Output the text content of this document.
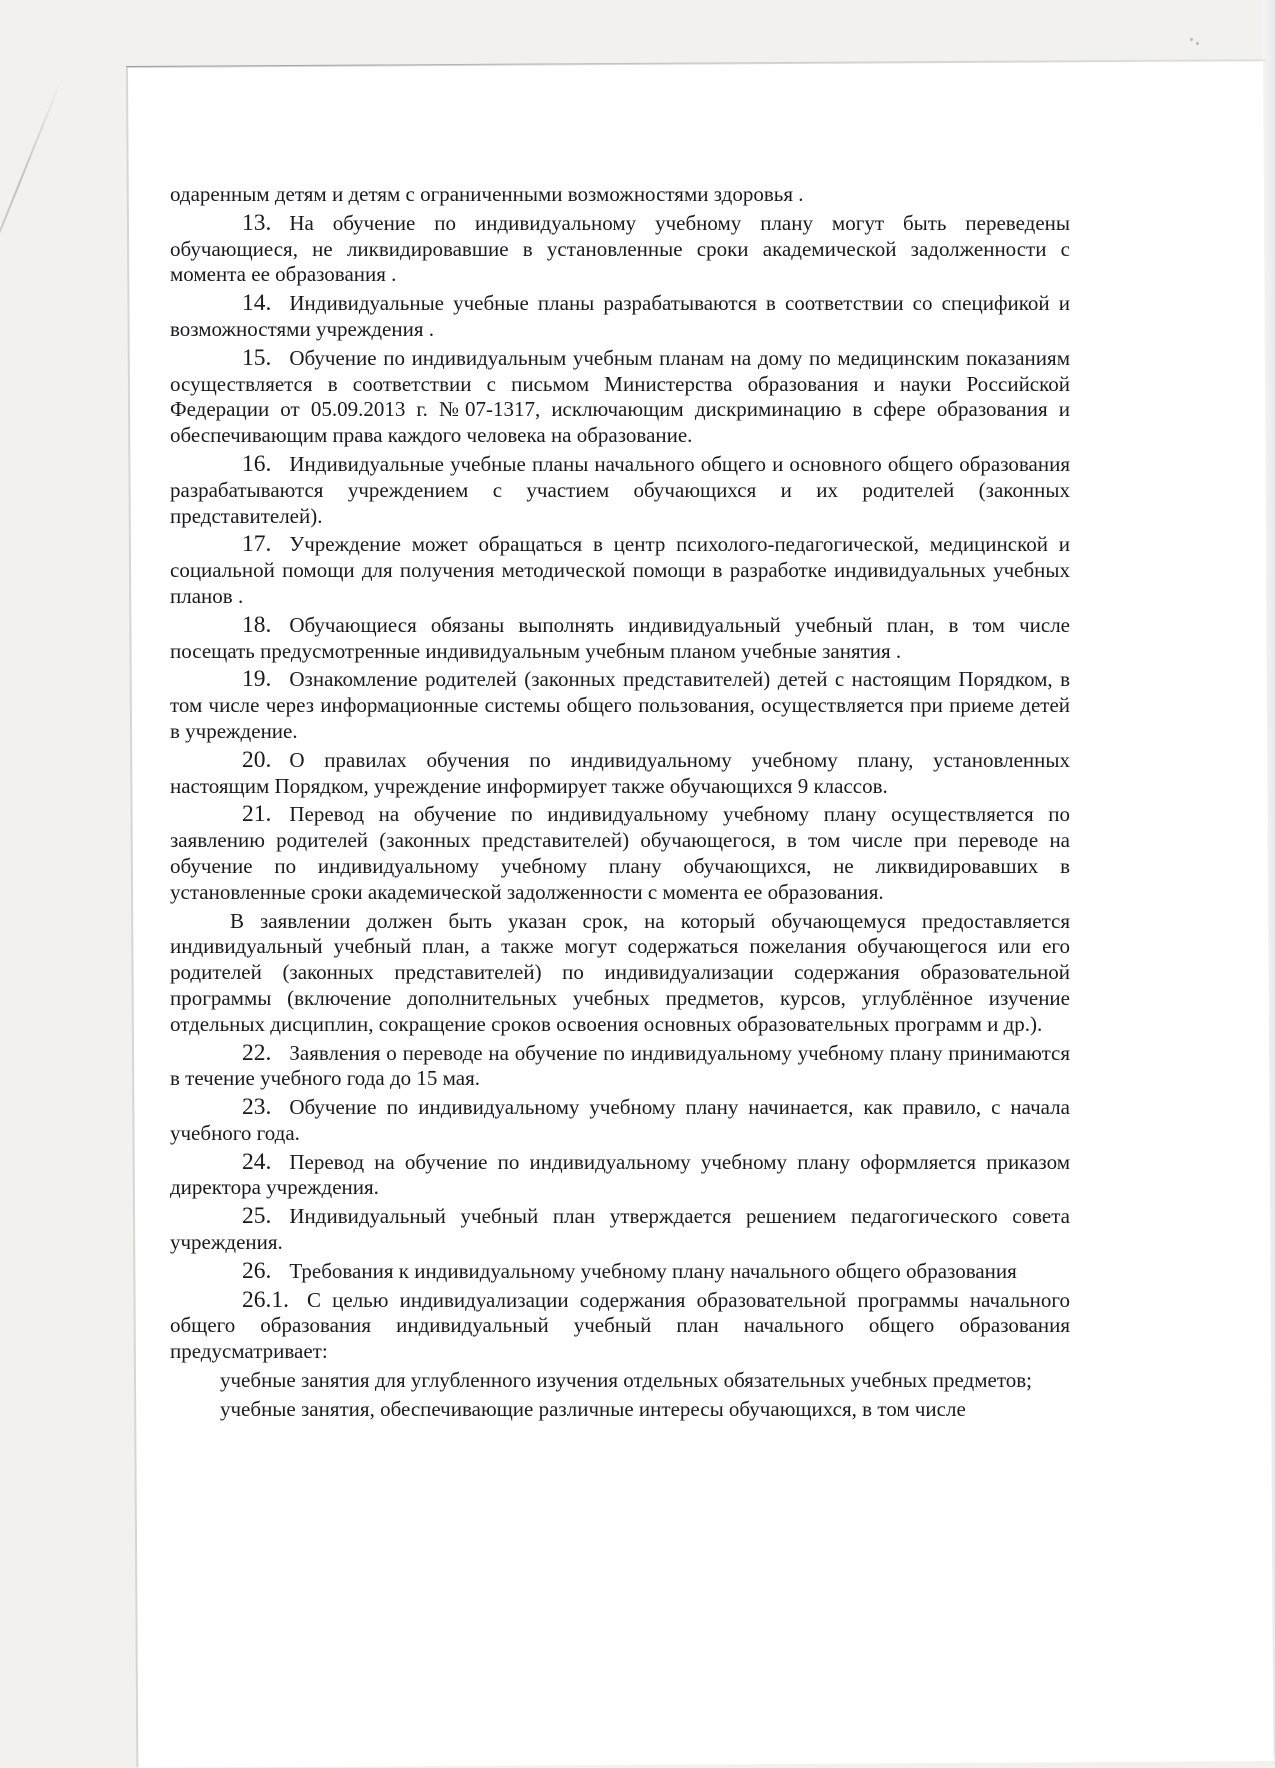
одаренным детям и детям с ограниченными возможностями здоровья .

13. На обучение по индивидуальному учебному плану могут быть переведены обучающиеся, не ликвидировавшие в установленные сроки академической задолженности с момента ее образования .

14. Индивидуальные учебные планы разрабатываются в соответствии со спецификой и возможностями учреждения .

15. Обучение по индивидуальным учебным планам на дому по медицинским показаниям осуществляется в соответствии с письмом Министерства образования и науки Российской Федерации от 05.09.2013 г. №07-1317, исключающим дискриминацию в сфере образования и обеспечивающим права каждого человека на образование.

16. Индивидуальные учебные планы начального общего и основного общего образования разрабатываются учреждением с участием обучающихся и их родителей (законных представителей).

17. Учреждение может обращаться в центр психолого-педагогической, медицинской и социальной помощи для получения методической помощи в разработке индивидуальных учебных планов .

18. Обучающиеся обязаны выполнять индивидуальный учебный план, в том числе посещать предусмотренные индивидуальным учебным планом учебные занятия .

19. Ознакомление родителей (законных представителей) детей с настоящим Порядком, в том числе через информационные системы общего пользования, осуществляется при приеме детей в учреждение.

20. О правилах обучения по индивидуальному учебному плану, установленных настоящим Порядком, учреждение информирует также обучающихся 9 классов.

21. Перевод на обучение по индивидуальному учебному плану осуществляется по заявлению родителей (законных представителей) обучающегося, в том числе при переводе на обучение по индивидуальному учебному плану обучающихся, не ликвидировавших в установленные сроки академической задолженности с момента ее образования.

В заявлении должен быть указан срок, на который обучающемуся предоставляется индивидуальный учебный план, а также могут содержаться пожелания обучающегося или его родителей (законных представителей) по индивидуализации содержания образовательной программы (включение дополнительных учебных предметов, курсов, углублённое изучение отдельных дисциплин, сокращение сроков освоения основных образовательных программ и др.).

22. Заявления о переводе на обучение по индивидуальному учебному плану принимаются в течение учебного года до 15 мая.

23. Обучение по индивидуальному учебному плану начинается, как правило, с начала учебного года.

24. Перевод на обучение по индивидуальному учебному плану оформляется приказом директора учреждения.

25. Индивидуальный учебный план утверждается решением педагогического совета учреждения.

26. Требования к индивидуальному учебному плану начального общего образования

26.1. С целью индивидуализации содержания образовательной программы начального общего образования индивидуальный учебный план начального общего образования предусматривает:

учебные занятия для углубленного изучения отдельных обязательных учебных предметов;

учебные занятия, обеспечивающие различные интересы обучающихся, в том числе
